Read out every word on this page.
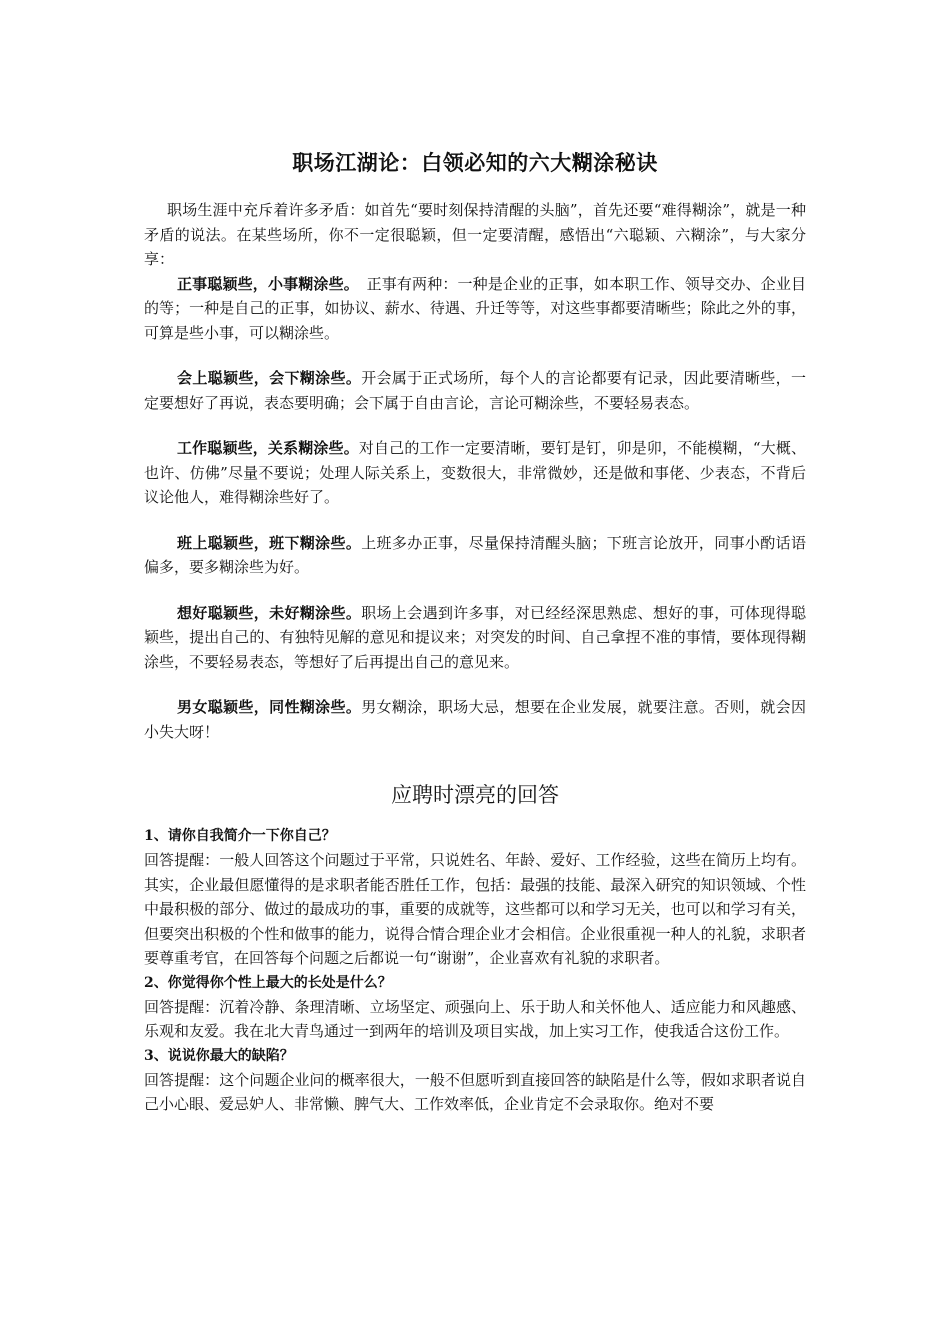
职场江湖论：白领必知的六大糊涂秘诀

职场生涯中充斥着许多矛盾：如首先“要时刻保持清醒的头脑”，首先还要“难得糊涂”，就是一种矛盾的说法。在某些场所，你不一定很聪颖，但一定要清醒，感悟出“六聪颖、六糊涂”，与大家分享：

正事聪颖些，小事糊涂些。　正事有两种：一种是企业的正事，如本职工作、领导交办、企业目的等；一种是自己的正事，如协议、薪水、待遇、升迁等等，对这些事都要清晰些；除此之外的事，可算是些小事，可以糊涂些。

会上聪颖些，会下糊涂些。开会属于正式场所，每个人的言论都要有记录，因此要清晰些，一定要想好了再说，表态要明确；会下属于自由言论，言论可糊涂些，不要轻易表态。

工作聪颖些，关系糊涂些。对自己的工作一定要清晰，要钉是钉，卯是卯，不能模糊，“大概、也许、仿佛”尽量不要说；处理人际关系上，变数很大，非常微妙，还是做和事佬、少表态，不背后议论他人，难得糊涂些好了。

班上聪颖些，班下糊涂些。上班多办正事，尽量保持清醒头脑；下班言论放开，同事小酌话语偏多，要多糊涂些为好。

想好聪颖些，未好糊涂些。职场上会遇到许多事，对已经经深思熟虑、想好的事，可体现得聪颖些，提出自己的、有独特见解的意见和提议来；对突发的时间、自己拿捏不准的事情，要体现得糊涂些，不要轻易表态，等想好了后再提出自己的意见来。

男女聪颖些，同性糊涂些。男女糊涂，职场大忌，想要在企业发展，就要注意。否则，就会因小失大呀！

应聘时漂亮的回答

1、请你自我简介一下你自己？

回答提醒：一般人回答这个问题过于平常，只说姓名、年龄、爱好、工作经验，这些在简历上均有。其实，企业最但愿懂得的是求职者能否胜任工作，包括：最强的技能、最深入研究的知识领域、个性中最积极的部分、做过的最成功的事，重要的成就等，这些都可以和学习无关，也可以和学习有关，但要突出积极的个性和做事的能力，说得合情合理企业才会相信。企业很重视一种人的礼貌，求职者要尊重考官，在回答每个问题之后都说一句“谢谢”，企业喜欢有礼貌的求职者。

2、你觉得你个性上最大的长处是什么？

回答提醒：沉着冷静、条理清晰、立场坚定、顽强向上、乐于助人和关怀他人、适应能力和风趣感、乐观和友爱。我在北大青鸟通过一到两年的培训及项目实战，加上实习工作，使我适合这份工作。

3、说说你最大的缺陷？

回答提醒：这个问题企业问的概率很大，一般不但愿听到直接回答的缺陷是什么等，假如求职者说自己小心眼、爱忌妒人、非常懒、脾气大、工作效率低，企业肯定不会录取你。绝对不要
